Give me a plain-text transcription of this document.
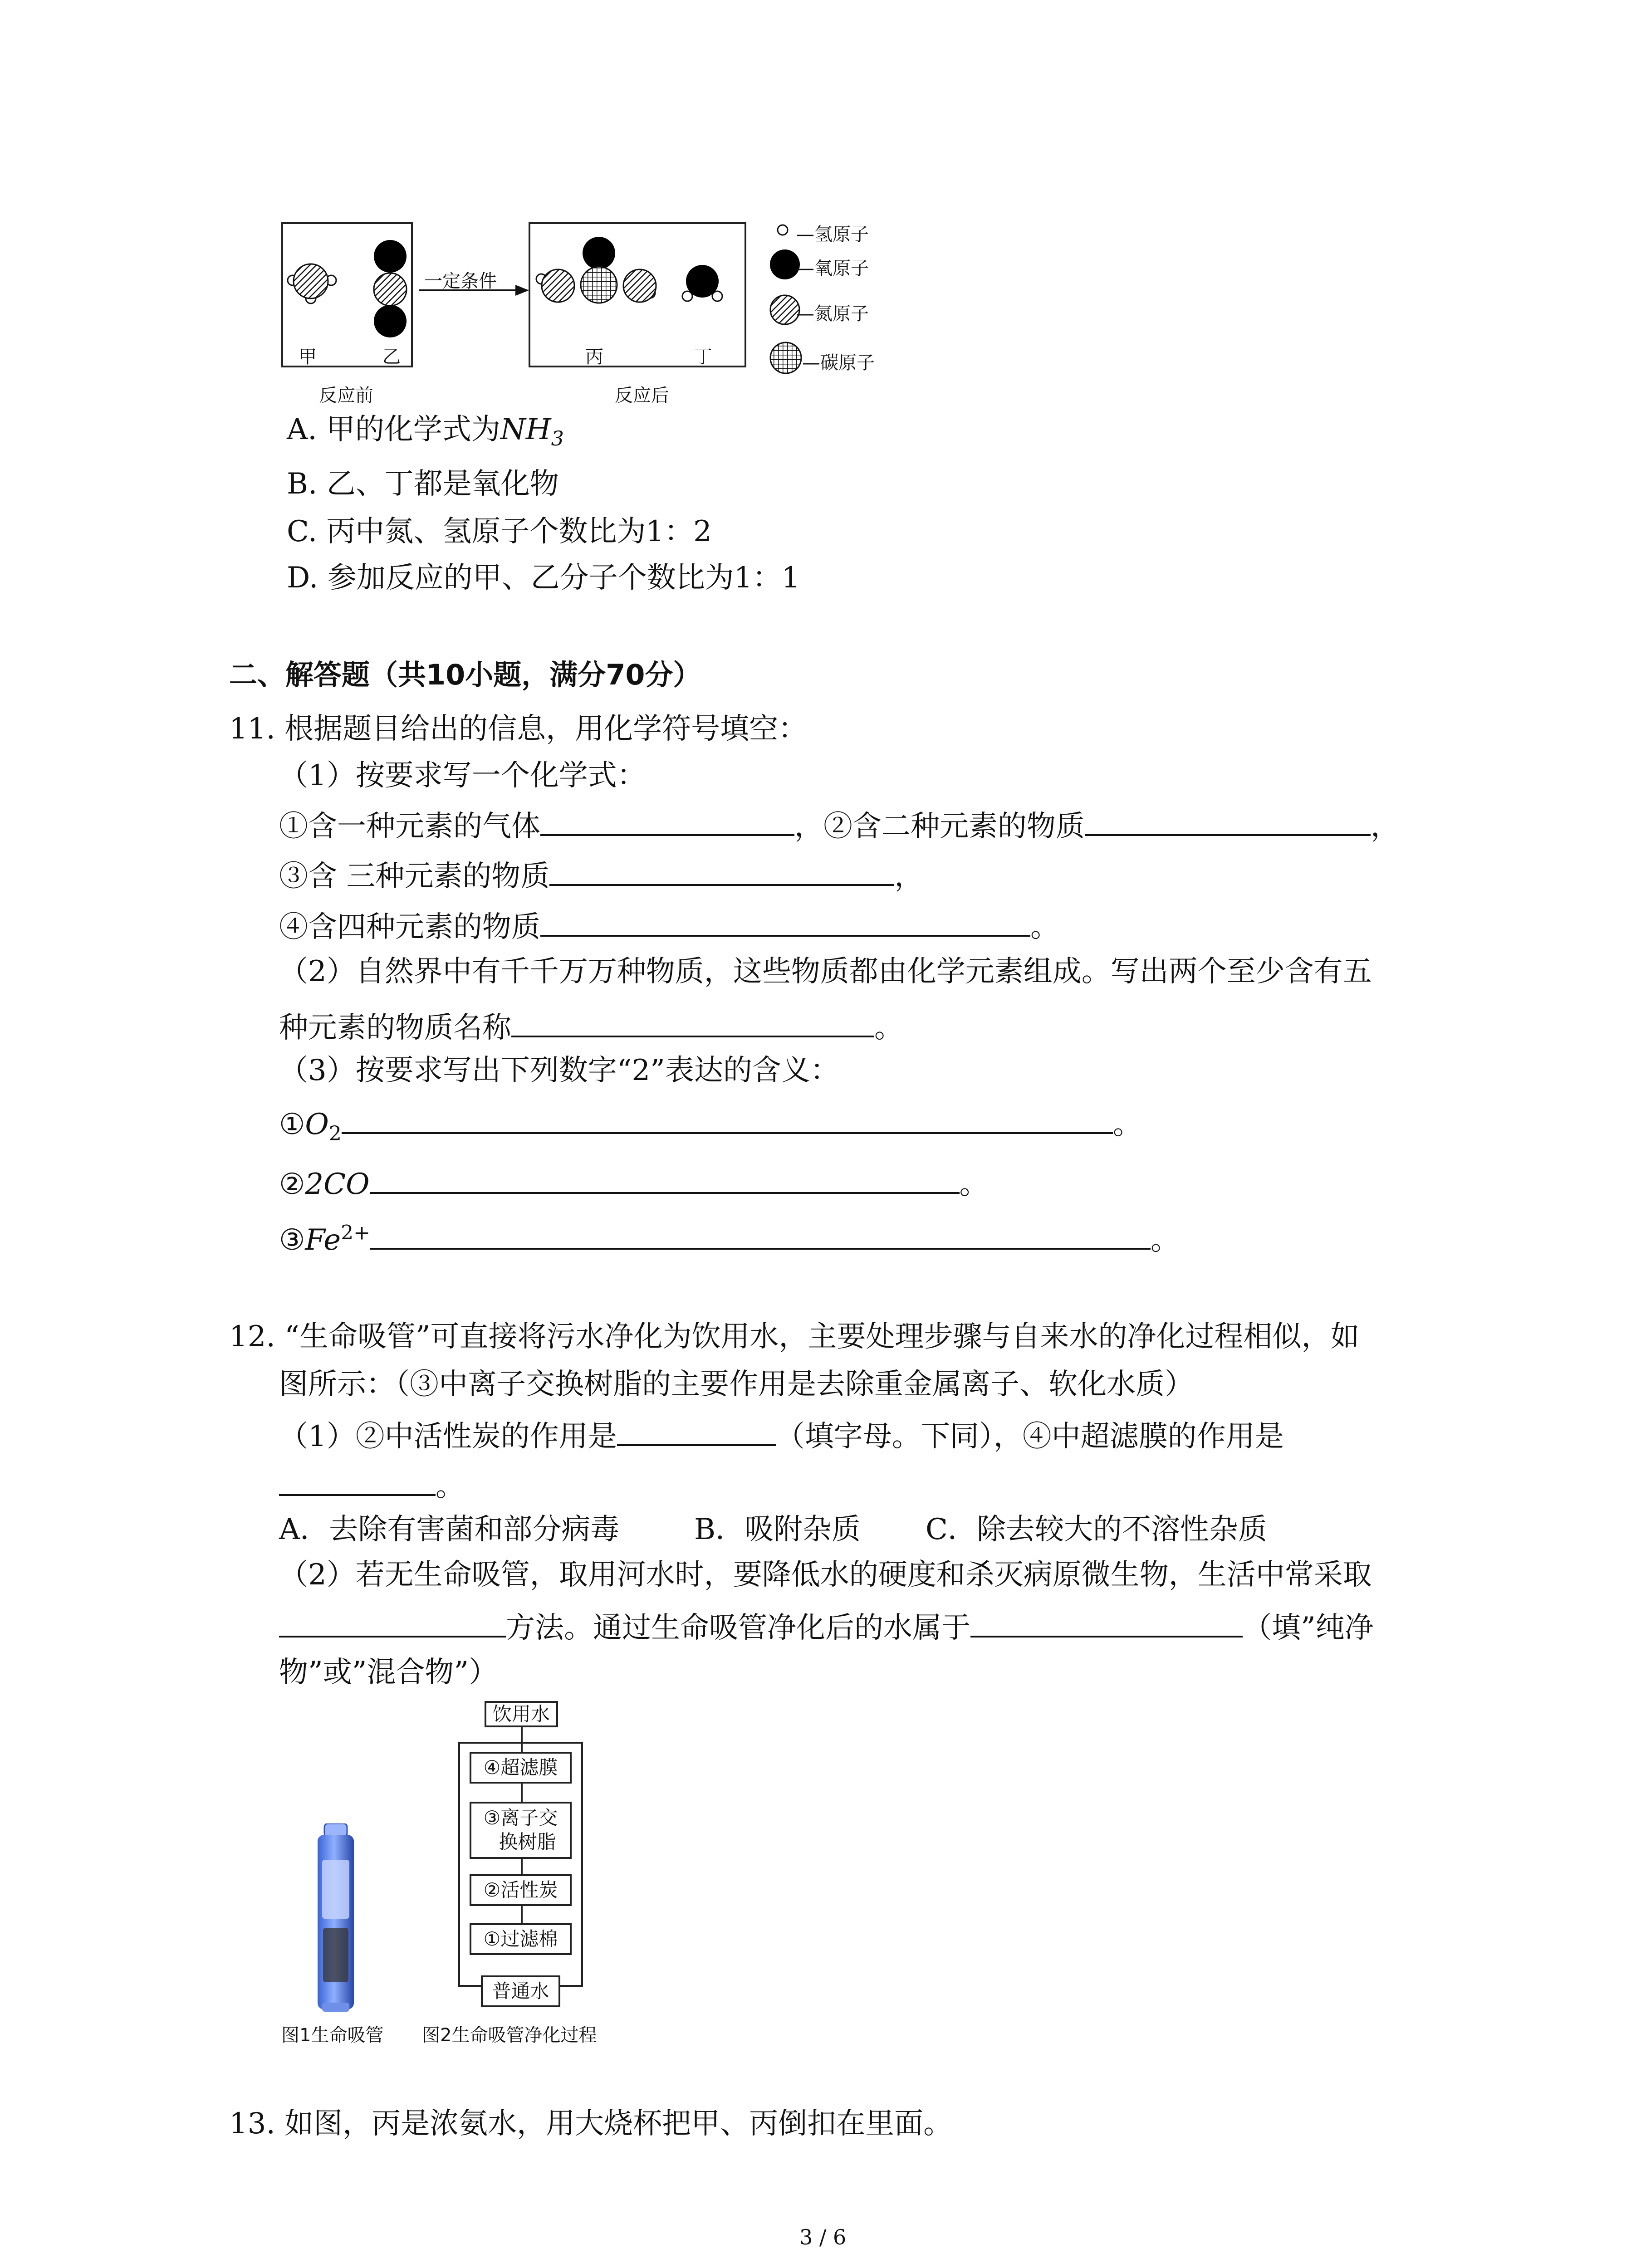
甲	乙
反应前
一定条件
丙	丁
反应后
—氢原子
—氧原子
—氮原子
—碳原子
A. 甲的化学式为$NH_3$
B. 乙、丁都是氧化物
C. 丙中氮、氢原子个数比为1：2
D. 参加反应的甲、乙分子个数比为1：1
二、解答题（共10小题，满分70分）
11. 根据题目给出的信息，用化学符号填空：
（1）按要求写一个化学式：
①含一种元素的气体	，②含二种元素的物质	，
③含 三种元素的物质	，
④含四种元素的物质	。
（2）自然界中有千千万万种物质，这些物质都由化学元素组成。写出两个至少含有五
种元素的物质名称	。
（3）按要求写出下列数字“2”表达的含义：
$①O_2$	。
②2CO	。
$③Fe^{2+}$	。
12. “生命吸管”可直接将污水净化为饮用水，主要处理步骤与自来水的净化过程相似，如
图所示：（③中离子交换树脂的主要作用是去除重金属离子、软化水质）
（1）②中活性炭的作用是	（填字母。下同），④中超滤膜的作用是
。
A．去除有害菌和部分病毒	B．吸附杂质 C．除去较大的不溶性杂质
（2）若无生命吸管，取用河水时，要降低水的硬度和杀灭病原微生物，生活中常采取
方法。通过生命吸管净化后的水属于	（填”纯净
物”或”混合物”）
饮用水
④超滤膜
③离子交
换树脂
②活性炭
①过滤棉
普通水
图1生命吸管 图2生命吸管净化过程
13. 如图，丙是浓氨水，用大烧杯把甲、丙倒扣在里面。
3 / 6
